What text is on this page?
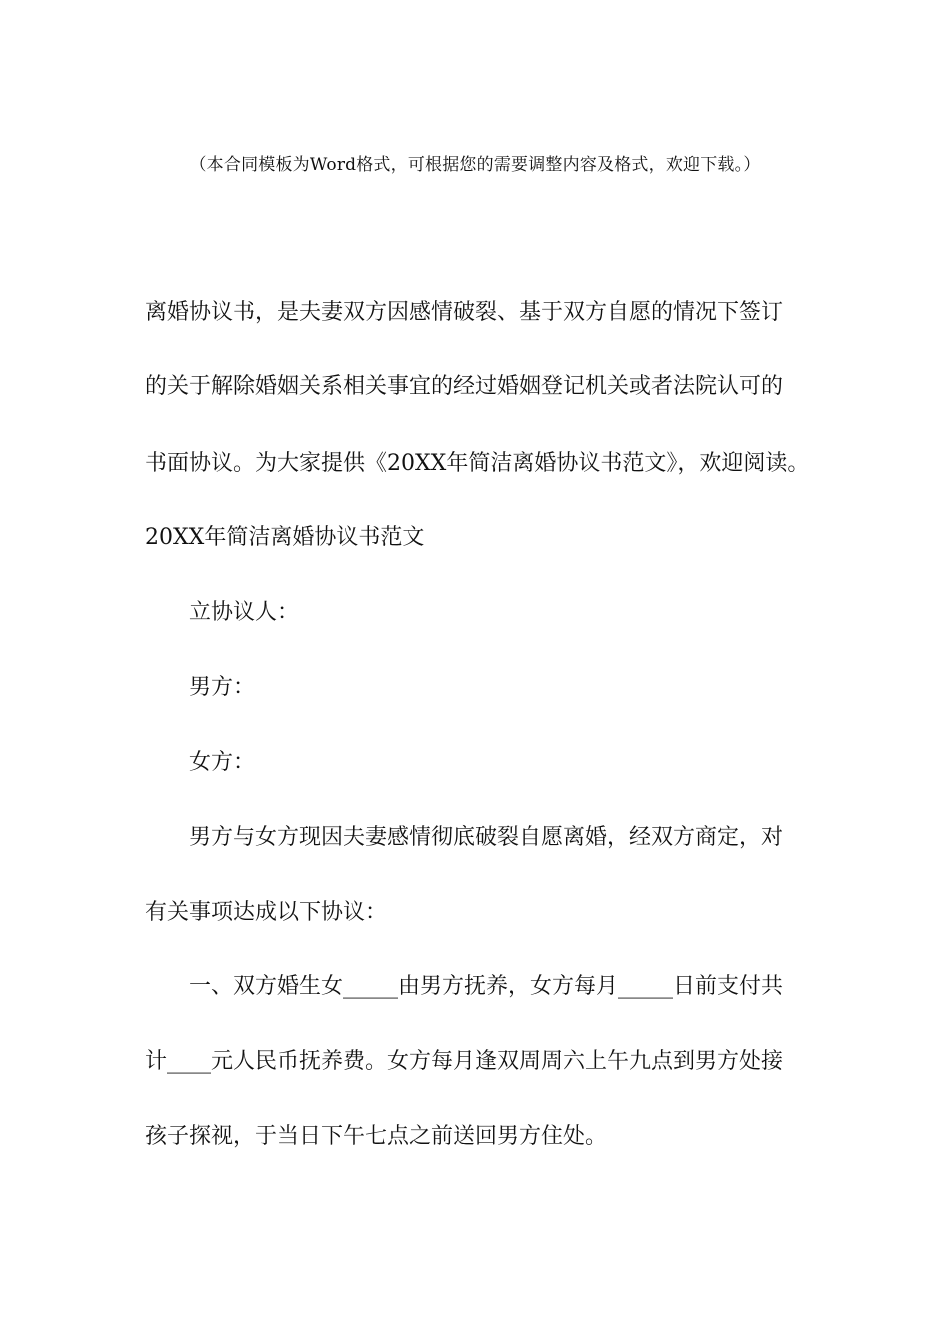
（本合同模板为Word格式，可根据您的需要调整内容及格式，欢迎下载。）
离婚协议书，是夫妻双方因感情破裂、基于双方自愿的情况下签订
的关于解除婚姻关系相关事宜的经过婚姻登记机关或者法院认可的
书面协议。为大家提供《20XX年简洁离婚协议书范文》，欢迎阅读。
20XX年简洁离婚协议书范文
立协议人：
男方：
女方：
男方与女方现因夫妻感情彻底破裂自愿离婚，经双方商定，对
有关事项达成以下协议：
一、双方婚生女_____由男方抚养，女方每月_____日前支付共
计____元人民币抚养费。女方每月逢双周周六上午九点到男方处接
孩子探视，于当日下午七点之前送回男方住处。
